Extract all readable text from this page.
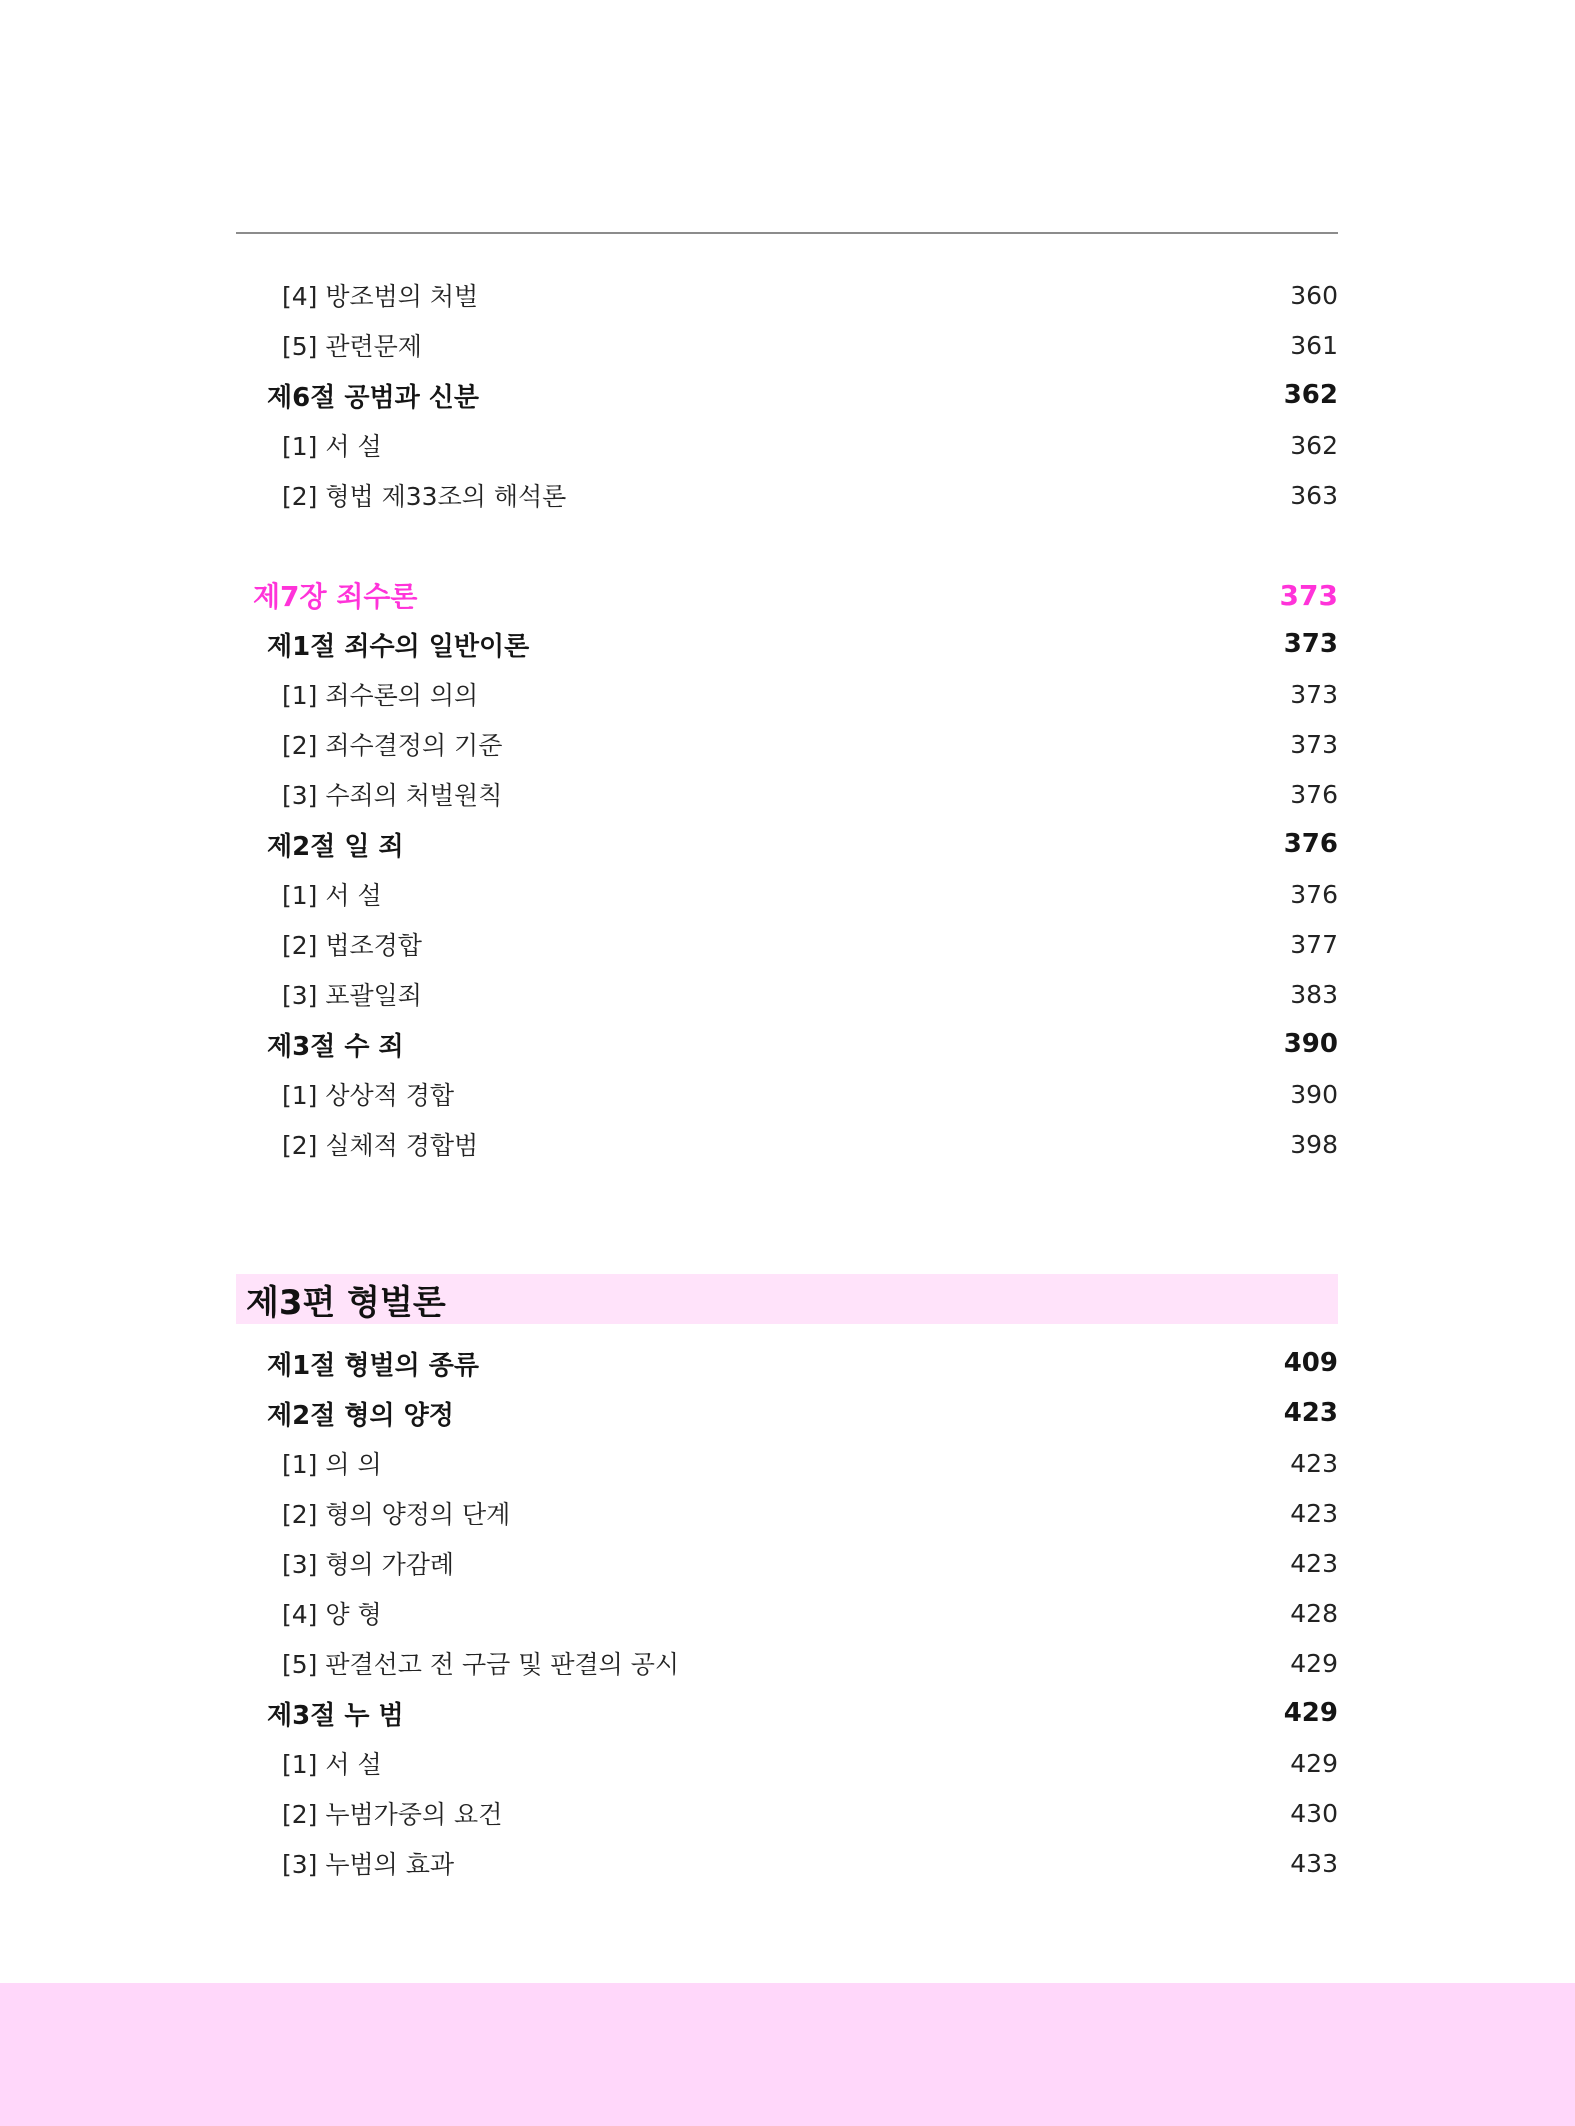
[4] 방조범의 처벌	360
[5] 관련문제	361
제6절 공범과 신분	362
[1] 서 설	362
[2] 형법 제33조의 해석론	363
제7장 죄수론	373
제1절 죄수의 일반이론	373
[1] 죄수론의 의의	373
[2] 죄수결정의 기준	373
[3] 수죄의 처벌원칙	376
제2절 일 죄	376
[1] 서 설	376
[2] 법조경합	377
[3] 포괄일죄	383
제3절 수 죄	390
[1] 상상적 경합	390
[2] 실체적 경합범	398
제3편 형벌론
제1절 형벌의 종류	409
제2절 형의 양정	423
[1] 의 의	423
[2] 형의 양정의 단계	423
[3] 형의 가감례	423
[4] 양 형	428
[5] 판결선고 전 구금 및 판결의 공시	429
제3절 누 범	429
[1] 서 설	429
[2] 누범가중의 요건	430
[3] 누범의 효과	433
